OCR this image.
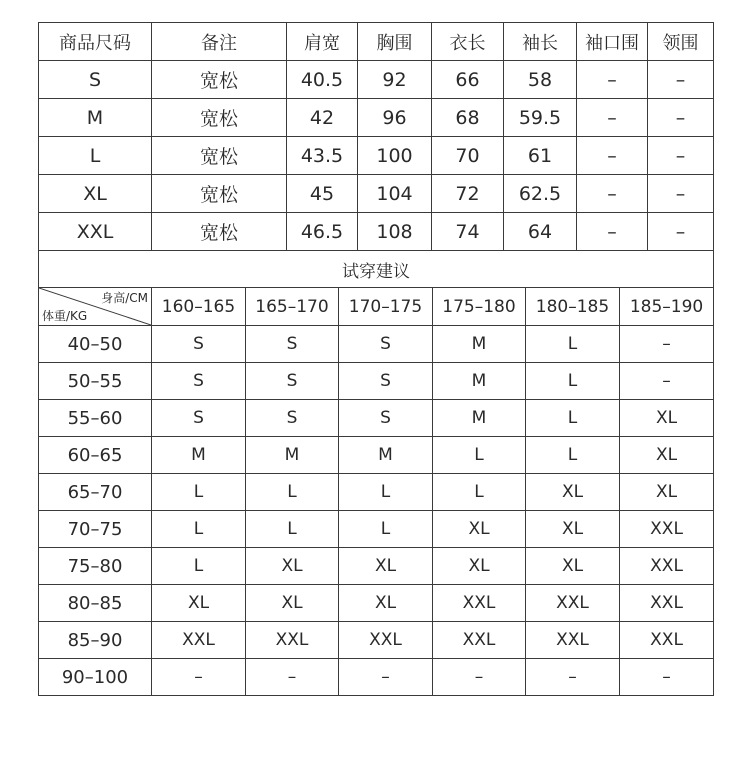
商品尺码	备注	肩宽	胸围	衣长	袖长	袖口围	领围
S	宽松	40.5	92	66	58	–	–
M	宽松	42	96	68	59.5	–	–
L	宽松	43.5	100	70	61	–	–
XL	宽松	45	104	72	62.5	–	–
XXL	宽松	46.5	108	74	64	–	–
试穿建议						

身高/CM
体重/KG	160–165	165–170	170–175	175–180	180–185	185–190
40–50	S	S	S	M	L	–
50–55	S	S	S	M	L	–
55–60	S	S	S	M	L	XL
60–65	M	M	M	L	L	XL
65–70	L	L	L	L	XL	XL
70–75	L	L	L	XL	XL	XXL
75–80	L	XL	XL	XL	XL	XXL
80–85	XL	XL	XL	XXL	XXL	XXL
85–90	XXL	XXL	XXL	XXL	XXL	XXL
90–100	–	–	–	–	–	–
